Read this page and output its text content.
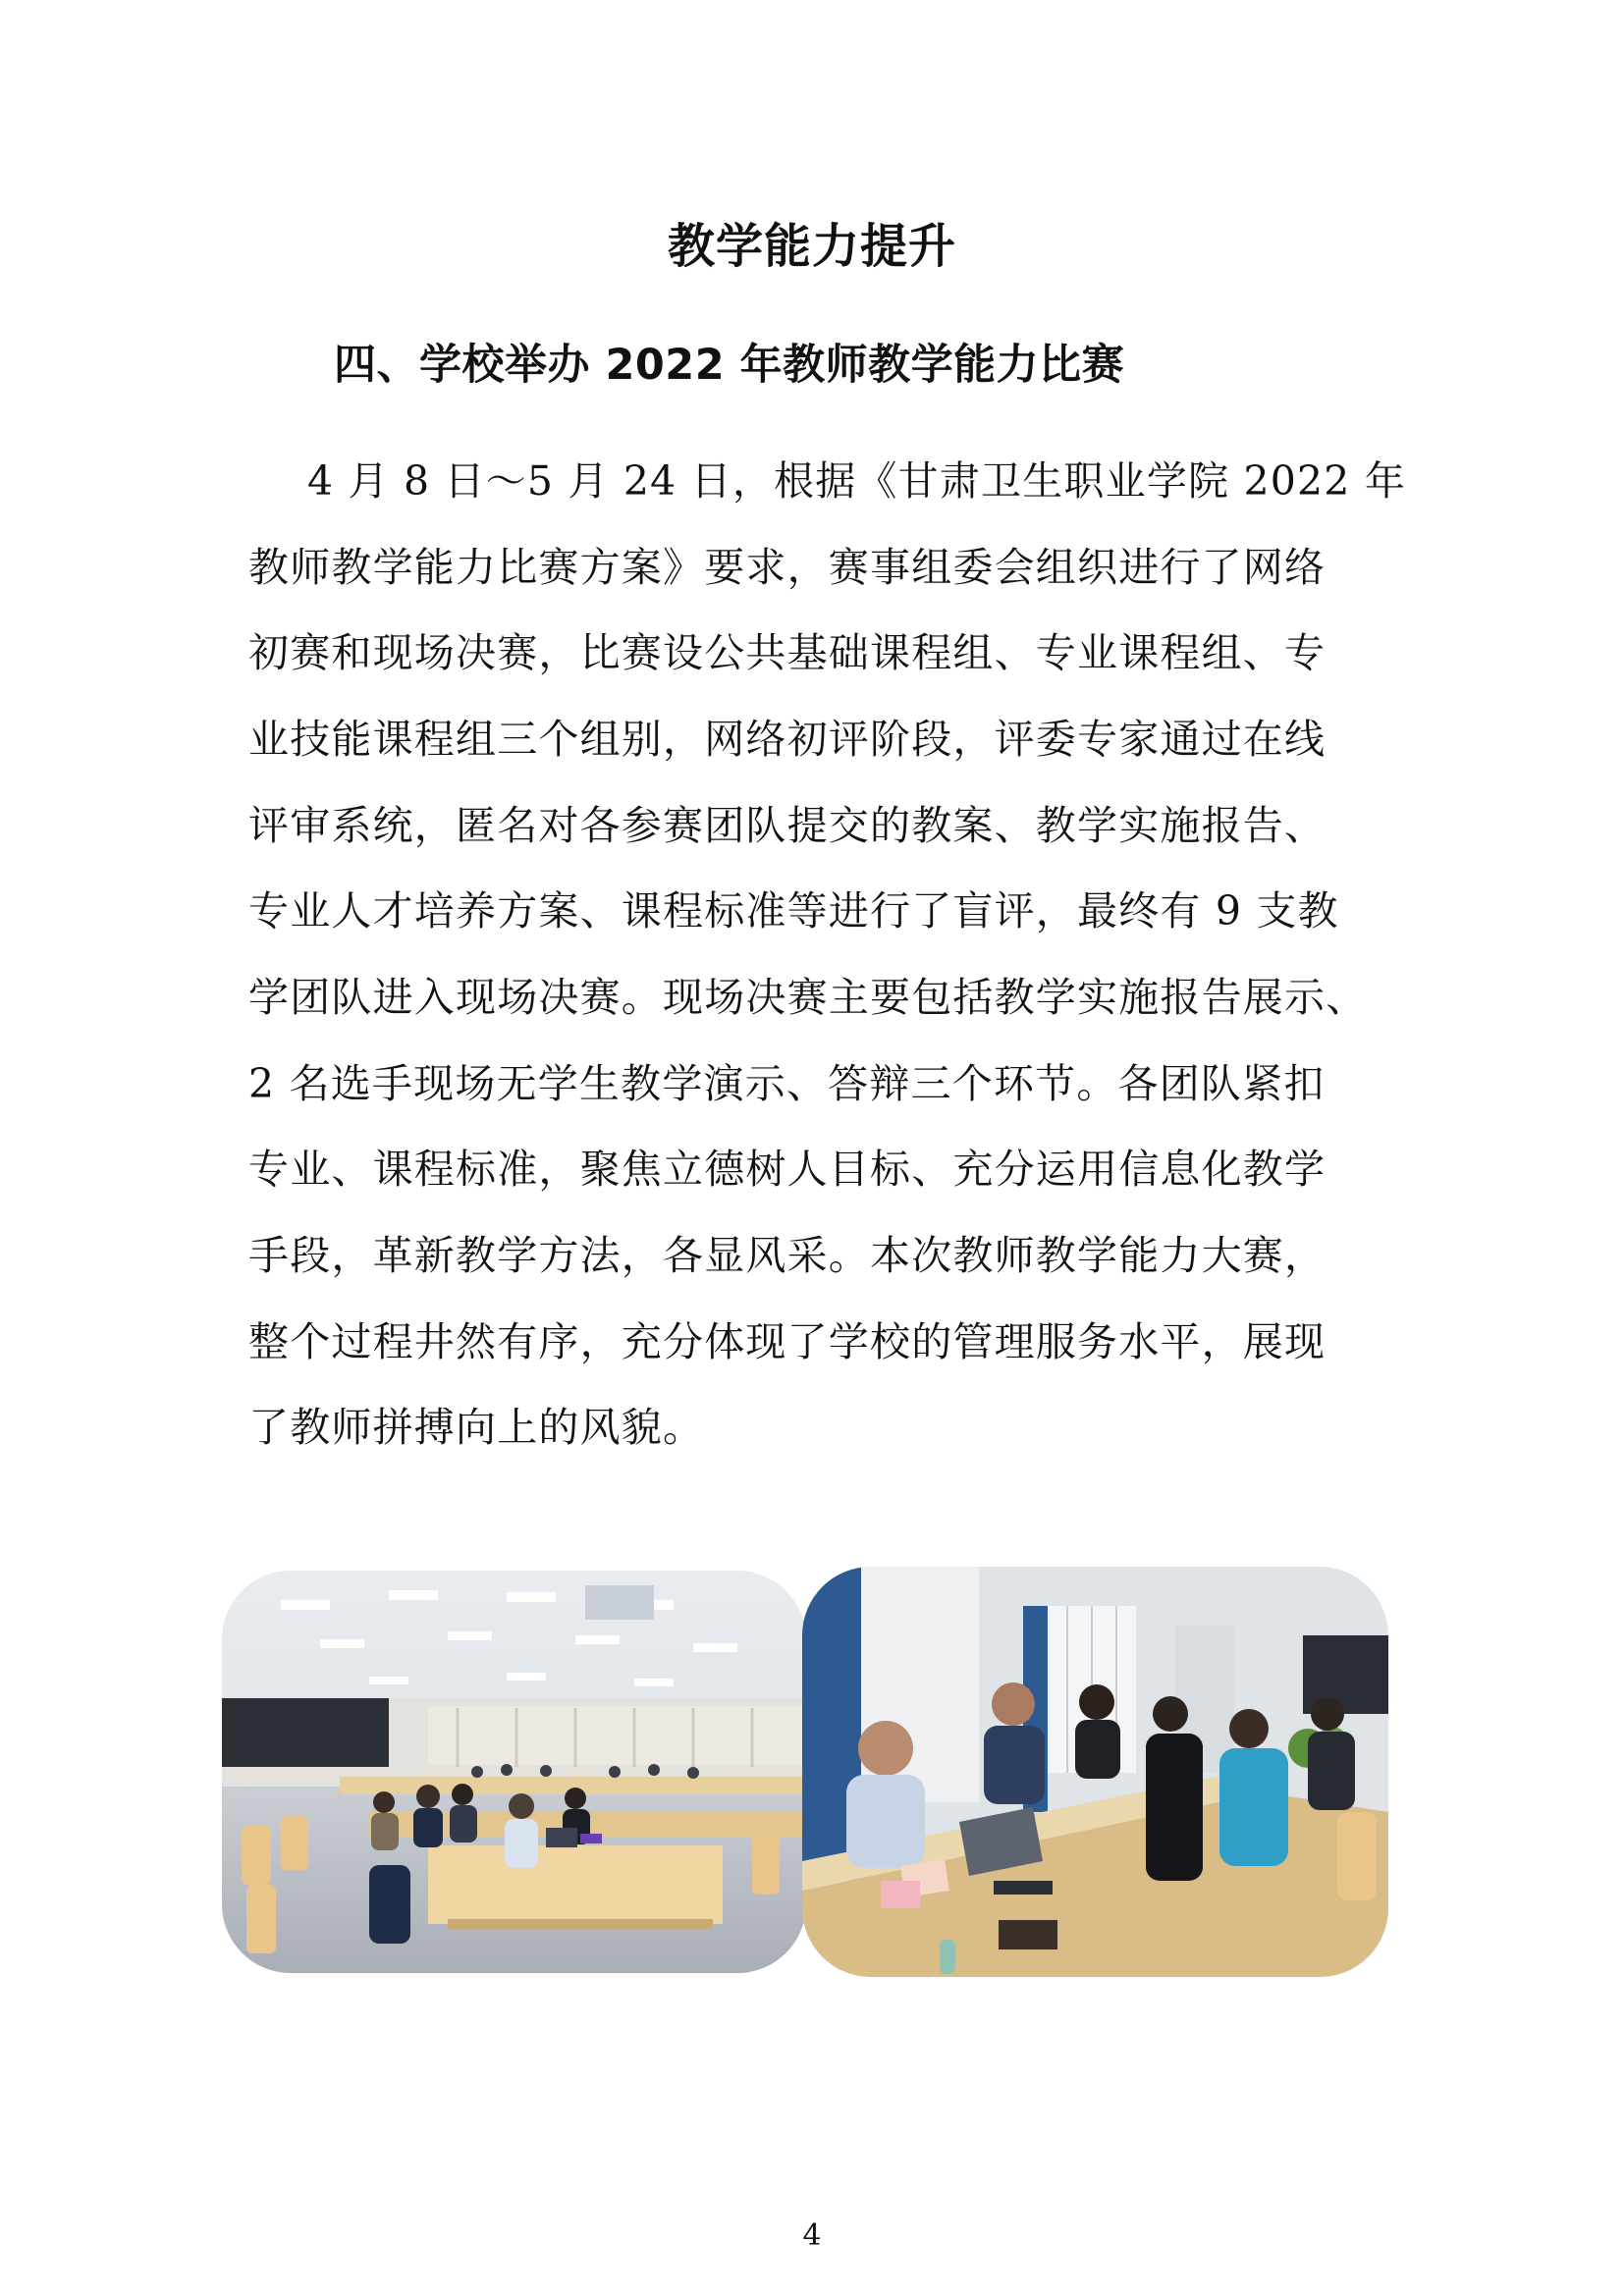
教学能力提升
四、学校举办 2022 年教师教学能力比赛
4 月 8 日～5 月 24 日，根据《甘肃卫生职业学院 2022 年
教师教学能力比赛方案》要求，赛事组委会组织进行了网络
初赛和现场决赛，比赛设公共基础课程组、专业课程组、专
业技能课程组三个组别，网络初评阶段，评委专家通过在线
评审系统，匿名对各参赛团队提交的教案、教学实施报告、
专业人才培养方案、课程标准等进行了盲评，最终有 9 支教
学团队进入现场决赛。现场决赛主要包括教学实施报告展示、
2 名选手现场无学生教学演示、答辩三个环节。各团队紧扣
专业、课程标准，聚焦立德树人目标、充分运用信息化教学
手段，革新教学方法，各显风采。本次教师教学能力大赛，
整个过程井然有序，充分体现了学校的管理服务水平，展现
了教师拼搏向上的风貌。
4
